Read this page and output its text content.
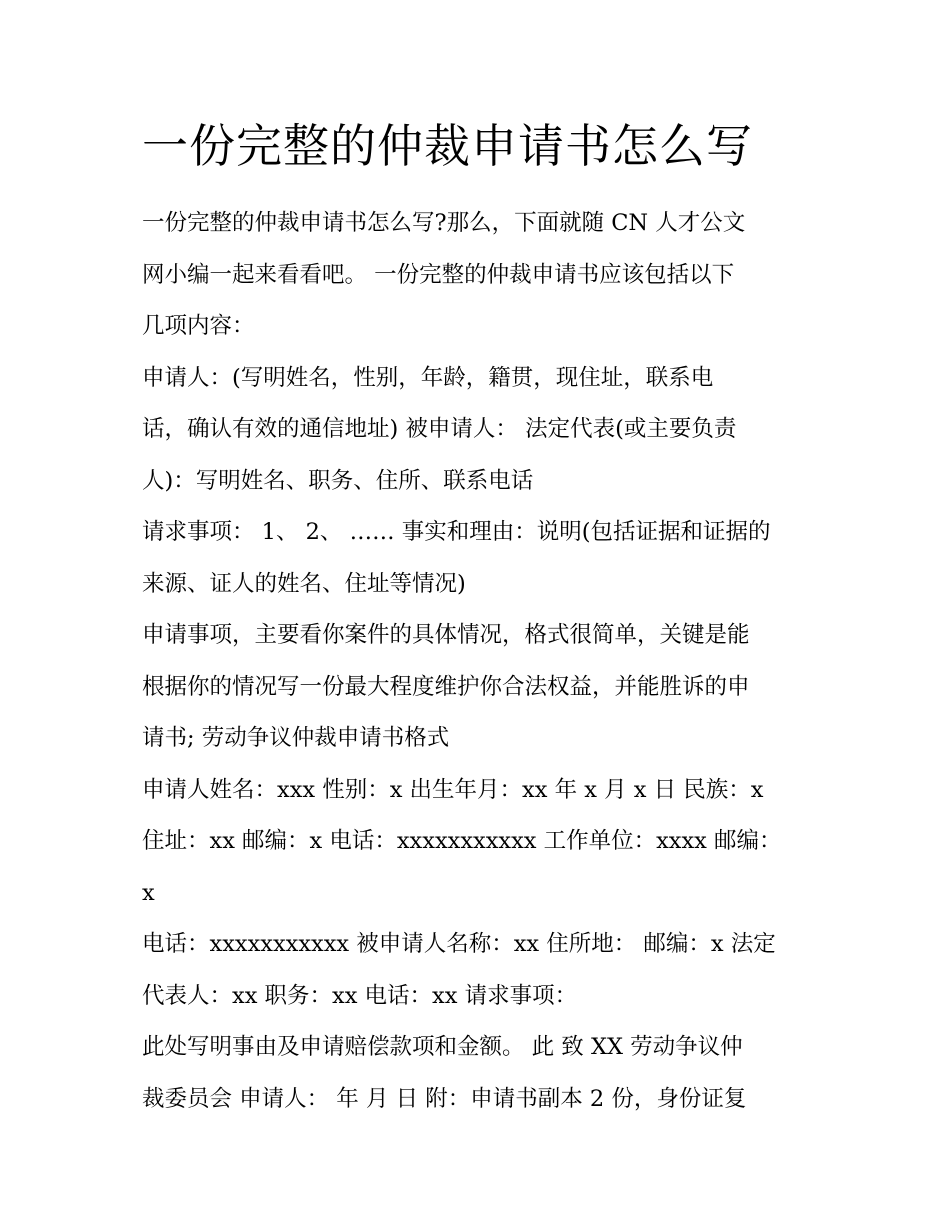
一份完整的仲裁申请书怎么写
一份完整的仲裁申请书怎么写?那么，下面就随 CN 人才公文
网小编一起来看看吧。 一份完整的仲裁申请书应该包括以下
几项内容：
申请人：(写明姓名，性别，年龄，籍贯，现住址，联系电
话，确认有效的通信地址) 被申请人： 法定代表(或主要负责
人)：写明姓名、职务、住所、联系电话
请求事项： 1、 2、 …… 事实和理由：说明(包括证据和证据的
来源、证人的姓名、住址等情况)
申请事项，主要看你案件的具体情况，格式很简单，关键是能
根据你的情况写一份最大程度维护你合法权益，并能胜诉的申
请书; 劳动争议仲裁申请书格式
申请人姓名：xxx 性别：x 出生年月：xx 年 x 月 x 日 民族：x
住址：xx 邮编：x 电话：xxxxxxxxxxx 工作单位：xxxx 邮编：
x
电话：xxxxxxxxxxx 被申请人名称：xx 住所地： 邮编：x 法定
代表人：xx 职务：xx 电话：xx 请求事项：
此处写明事由及申请赔偿款项和金额。 此 致 XX 劳动争议仲
裁委员会 申请人： 年 月 日 附：申请书副本 2 份，身份证复
